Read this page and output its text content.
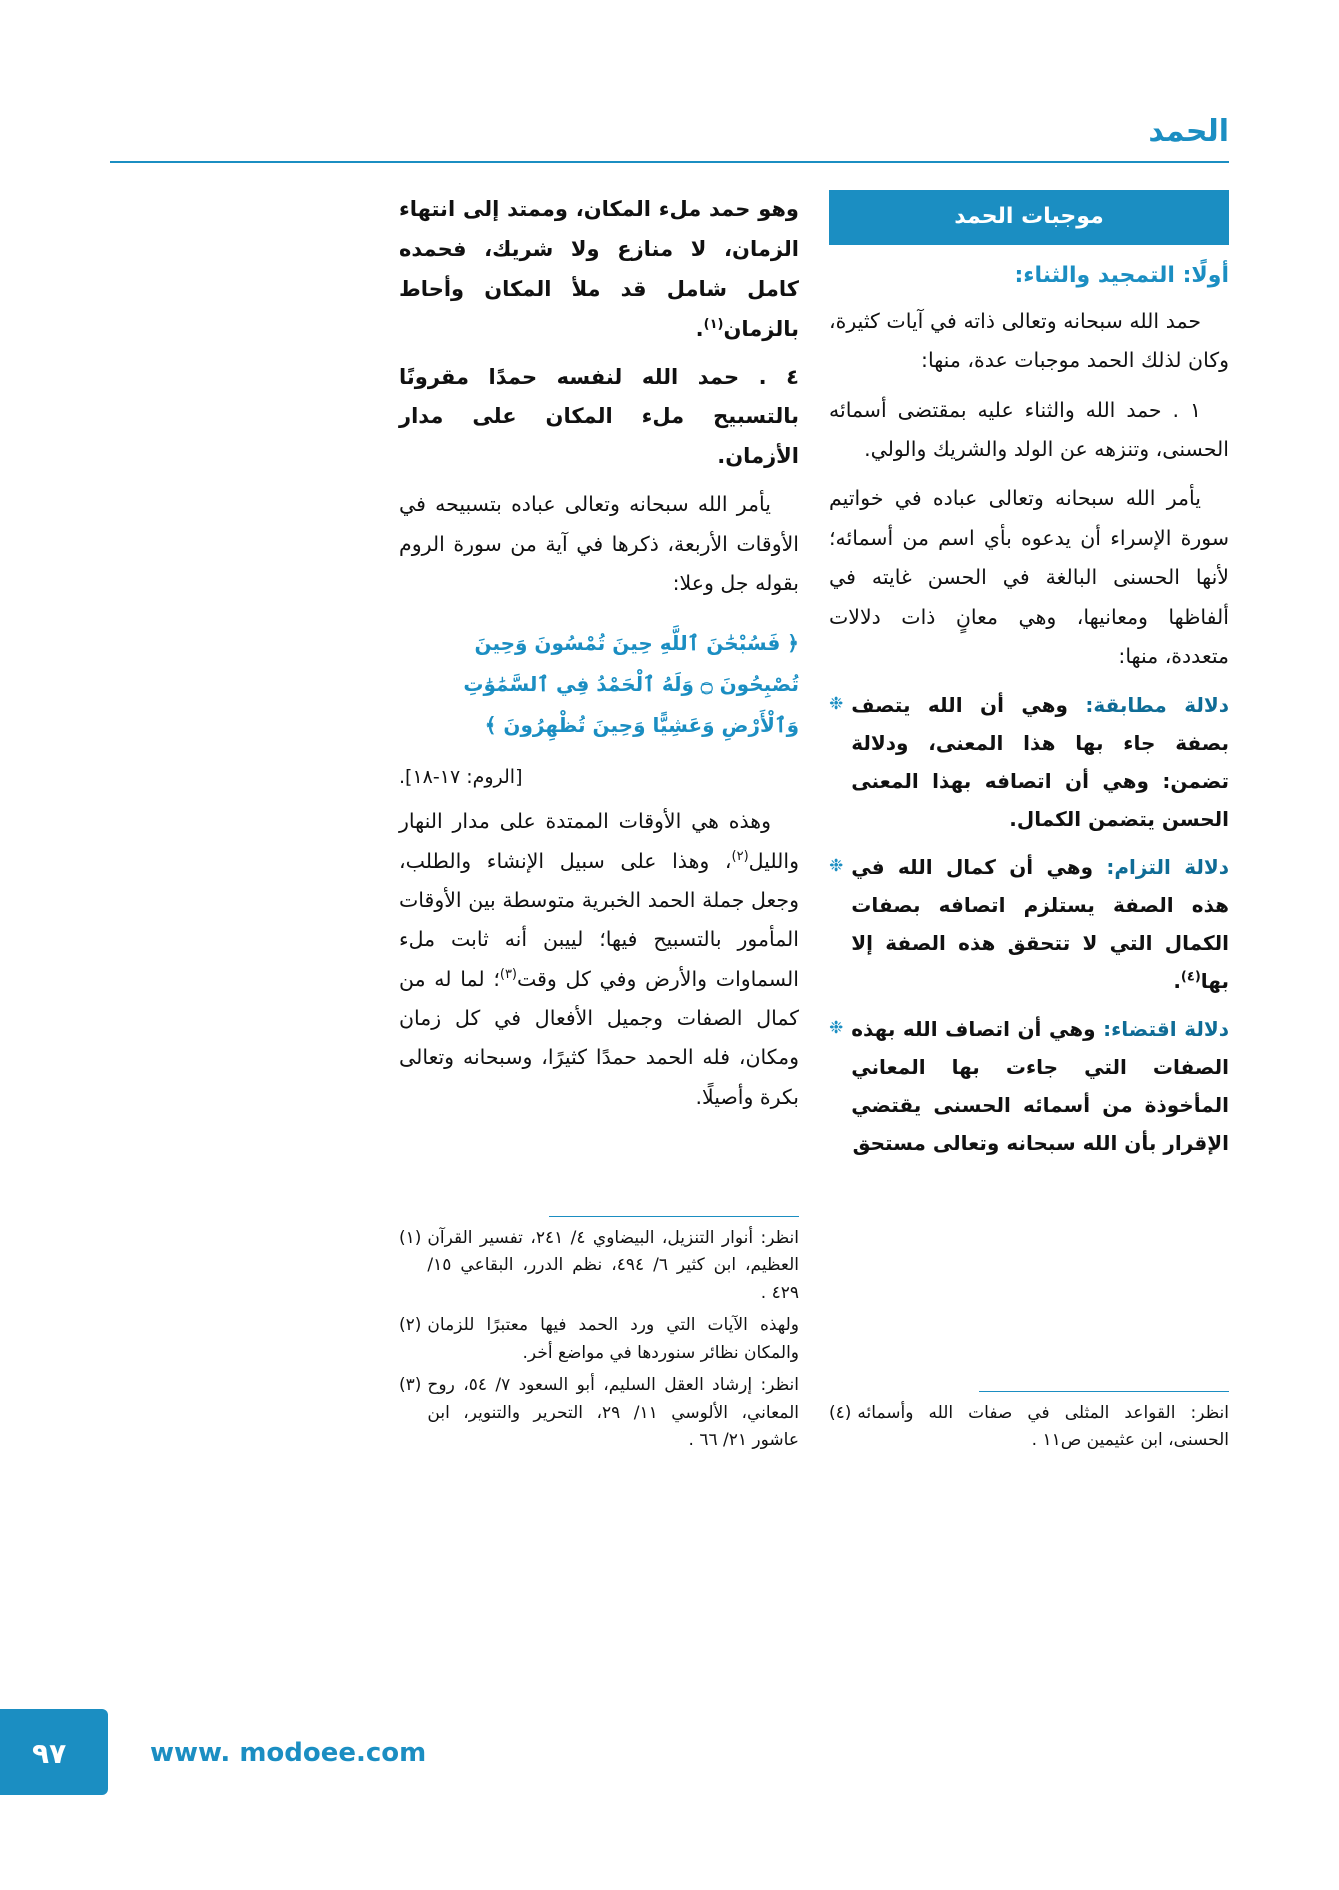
الحمد
موجبات الحمد
أولًا: التمجيد والثناء:

حمد الله سبحانه وتعالى ذاته في آيات كثيرة، وكان لذلك الحمد موجبات عدة، منها:

١ . حمد الله والثناء عليه بمقتضى أسمائه الحسنى، وتنزهه عن الولد والشريك والولي.

يأمر الله سبحانه وتعالى عباده في خواتيم سورة الإسراء أن يدعوه بأي اسم من أسمائه؛ لأنها الحسنى البالغة في الحسن غايته في ألفاظها ومعانيها، وهي معانٍ ذات دلالات متعددة، منها:

❉	دلالة مطابقة: وهي أن الله يتصف بصفة جاء بها هذا المعنى، ودلالة تضمن: وهي أن اتصافه بهذا المعنى الحسن يتضمن الكمال.
❉	دلالة التزام: وهي أن كمال الله في هذه الصفة يستلزم اتصافه بصفات الكمال التي لا تتحقق هذه الصفة إلا بها$^{(٤)}$.
❉	دلالة اقتضاء: وهي أن اتصاف الله بهذه الصفات التي جاءت بها المعاني المأخوذة من أسمائه الحسنى يقتضي الإقرار بأن الله سبحانه وتعالى مستحق

وهو حمد ملء المكان، وممتد إلى انتهاء الزمان، لا منازع ولا شريك، فحمده كامل شامل قد ملأ المكان وأحاط بالزمان$^{(١)}$.

٤ . حمد الله لنفسه حمدًا مقرونًا بالتسبيح ملء المكان على مدار الأزمان.

يأمر الله سبحانه وتعالى عباده بتسبيحه في الأوقات الأربعة، ذكرها في آية من سورة الروم بقوله جل وعلا:

﴿ فَسُبْحَٰنَ ٱللَّهِ حِينَ تُمْسُونَ وَحِينَ تُصْبِحُونَ ۝ وَلَهُ ٱلْحَمْدُ فِي ٱلسَّمَٰوَٰتِ وَٱلْأَرْضِ وَعَشِيًّا وَحِينَ تُظْهِرُونَ ﴾

[الروم: ١٧-١٨].

وهذه هي الأوقات الممتدة على مدار النهار والليل$^{(٢)}$، وهذا على سبيل الإنشاء والطلب، وجعل جملة الحمد الخبرية متوسطة بين الأوقات المأمور بالتسبيح فيها؛ لييبن أنه ثابت ملء السماوات والأرض وفي كل وقت$^{(٣)}$؛ لما له من كمال الصفات وجميل الأفعال في كل زمان ومكان، فله الحمد حمدًا كثيرًا، وسبحانه وتعالى بكرة وأصيلًا.

(٤) انظر: القواعد المثلى في صفات الله وأسمائه الحسنى، ابن عثيمين ص١١ .
(١) انظر: أنوار التنزيل، البيضاوي ٤/ ٢٤١، تفسير القرآن العظيم، ابن كثير ٦/ ٤٩٤، نظم الدرر، البقاعي ١٥/ ٤٢٩ .
(٢) ولهذه الآيات التي ورد الحمد فيها معتبرًا للزمان والمكان نظائر سنوردها في مواضع أخر.
(٣) انظر: إرشاد العقل السليم، أبو السعود ٧/ ٥٤، روح المعاني، الألوسي ١١/ ٢٩، التحرير والتنوير، ابن عاشور ٢١/ ٦٦ .
٩٧	www. modoee.com
